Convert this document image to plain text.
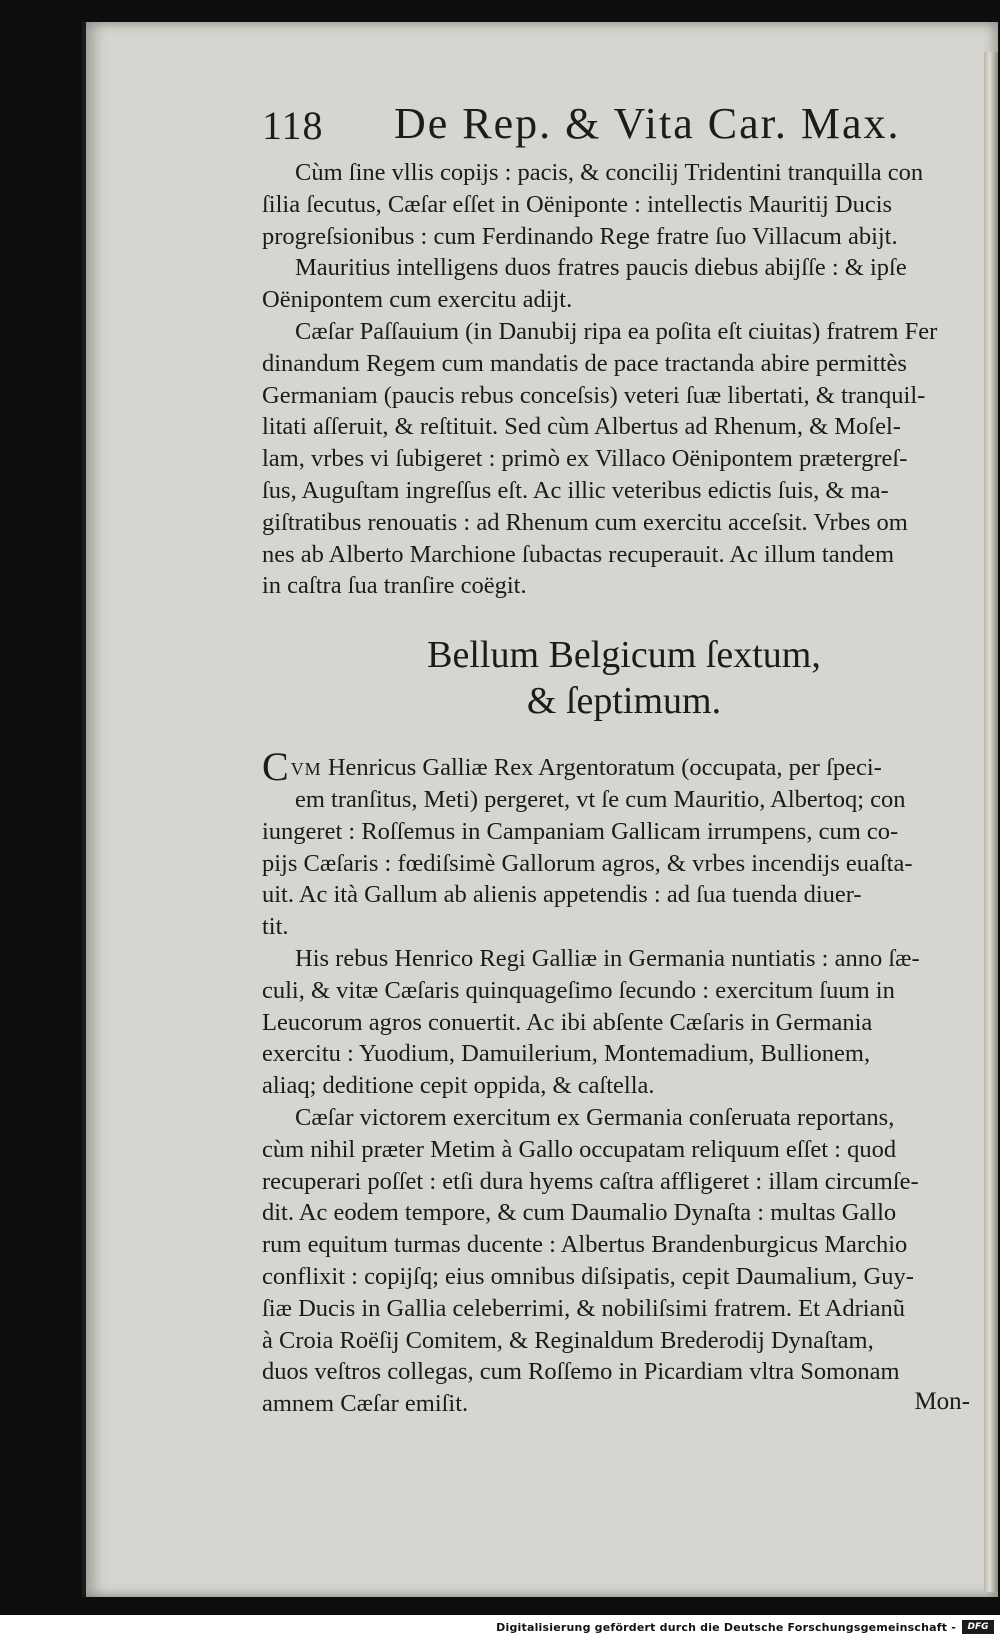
118 De Rep. & Vita Car. Max.
Cùm ſine vllis copijs : pacis, & concilij Tridentini tranquilla con
ſilia ſecutus, Cæſar eſſet in Oëniponte : intellectis Mauritij Ducis
progreſsionibus : cum Ferdinando Rege fratre ſuo Villacum abijt.
Mauritius intelligens duos fratres paucis diebus abijſſe : & ipſe
Oënipontem cum exercitu adijt.
Cæſar Paſſauium (in Danubij ripa ea poſita eſt ciuitas) fratrem Fer
dinandum Regem cum mandatis de pace tractanda abire permittès
Germaniam (paucis rebus conceſsis) veteri ſuæ libertati, & tranquil-
litati aſſeruit, & reſtituit. Sed cùm Albertus ad Rhenum, & Moſel-
lam, vrbes vi ſubigeret : primò ex Villaco Oënipontem prætergreſ-
ſus, Auguſtam ingreſſus eſt. Ac illic veteribus edictis ſuis, & ma-
giſtratibus renouatis : ad Rhenum cum exercitu acceſsit. Vrbes om
nes ab Alberto Marchione ſubactas recuperauit. Ac illum tandem
in caſtra ſua tranſire coëgit.
Bellum Belgicum ſextum,
& ſeptimum.
CVM Henricus Galliæ Rex Argentoratum (occupata, per ſpeci-
em tranſitus, Meti) pergeret, vt ſe cum Mauritio, Albertoq; con
iungeret : Roſſemus in Campaniam Gallicam irrumpens, cum co-
pijs Cæſaris : fœdiſsimè Gallorum agros, & vrbes incendijs euaſta-
uit. Ac ità Gallum ab alienis appetendis : ad ſua tuenda diuer-
tit.
His rebus Henrico Regi Galliæ in Germania nuntiatis : anno ſæ-
culi, & vitæ Cæſaris quinquageſimo ſecundo : exercitum ſuum in
Leucorum agros conuertit. Ac ibi abſente Cæſaris in Germania
exercitu : Yuodium, Damuilerium, Montemadium, Bullionem,
aliaq; deditione cepit oppida, & caſtella.
Cæſar victorem exercitum ex Germania conſeruata reportans,
cùm nihil præter Metim à Gallo occupatam reliquum eſſet : quod
recuperari poſſet : etſi dura hyems caſtra affligeret : illam circumſe-
dit. Ac eodem tempore, & cum Daumalio Dynaſta : multas Gallo
rum equitum turmas ducente : Albertus Brandenburgicus Marchio
conflixit : copijſq; eius omnibus diſsipatis, cepit Daumalium, Guy-
ſiæ Ducis in Gallia celeberrimi, & nobiliſsimi fratrem. Et Adrianũ
à Croia Roëſij Comitem, & Reginaldum Brederodij Dynaſtam,
duos veſtros collegas, cum Roſſemo in Picardiam vltra Somonam
amnem Cæſar emiſit.	Mon-
Digitalisierung gefördert durch die Deutsche Forschungsgemeinschaft -	DFG
